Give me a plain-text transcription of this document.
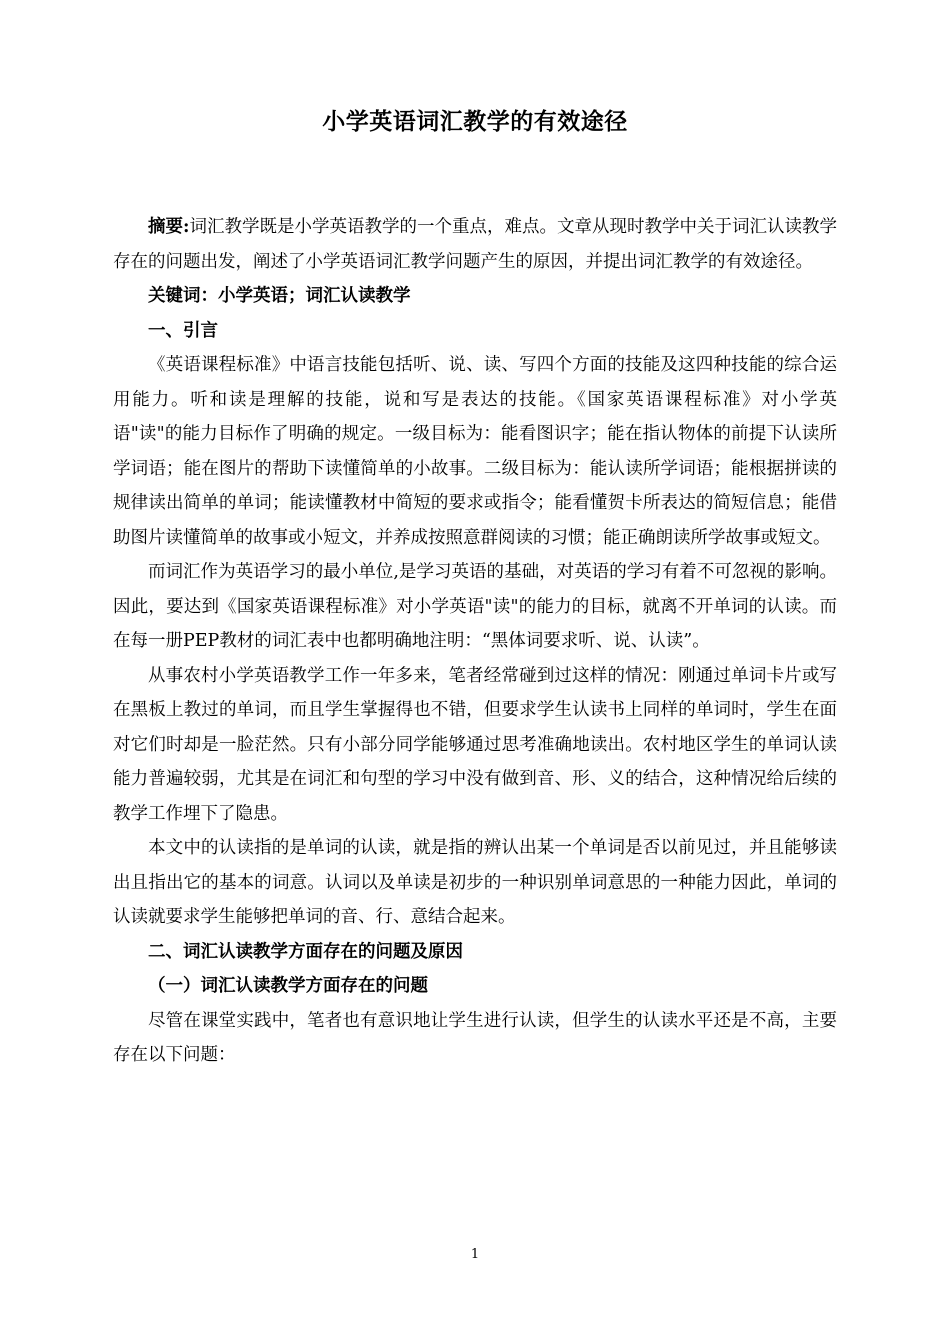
小学英语词汇教学的有效途径

摘要:词汇教学既是小学英语教学的一个重点，难点。文章从现时教学中关于词汇认读教学存在的问题出发，阐述了小学英语词汇教学问题产生的原因，并提出词汇教学的有效途径。

关键词：小学英语；词汇认读教学

一、引言

《英语课程标准》中语言技能包括听、说、读、写四个方面的技能及这四种技能的综合运用能力。听和读是理解的技能，说和写是表达的技能。《国家英语课程标准》对小学英语"读"的能力目标作了明确的规定。一级目标为：能看图识字；能在指认物体的前提下认读所学词语；能在图片的帮助下读懂简单的小故事。二级目标为：能认读所学词语；能根据拼读的规律读出简单的单词；能读懂教材中简短的要求或指令；能看懂贺卡所表达的简短信息；能借助图片读懂简单的故事或小短文，并养成按照意群阅读的习惯；能正确朗读所学故事或短文。

而词汇作为英语学习的最小单位,是学习英语的基础，对英语的学习有着不可忽视的影响。因此，要达到《国家英语课程标准》对小学英语"读"的能力的目标，就离不开单词的认读。而在每一册PEP教材的词汇表中也都明确地注明：“黑体词要求听、说、认读”。

从事农村小学英语教学工作一年多来，笔者经常碰到过这样的情况：刚通过单词卡片或写在黑板上教过的单词，而且学生掌握得也不错，但要求学生认读书上同样的单词时，学生在面对它们时却是一脸茫然。只有小部分同学能够通过思考准确地读出。农村地区学生的单词认读能力普遍较弱，尤其是在词汇和句型的学习中没有做到音、形、义的结合，这种情况给后续的教学工作埋下了隐患。

本文中的认读指的是单词的认读，就是指的辨认出某一个单词是否以前见过，并且能够读出且指出它的基本的词意。认词以及单读是初步的一种识别单词意思的一种能力因此，单词的认读就要求学生能够把单词的音、行、意结合起来。

二、词汇认读教学方面存在的问题及原因

（一）词汇认读教学方面存在的问题

尽管在课堂实践中，笔者也有意识地让学生进行认读，但学生的认读水平还是不高，主要存在以下问题：

1
